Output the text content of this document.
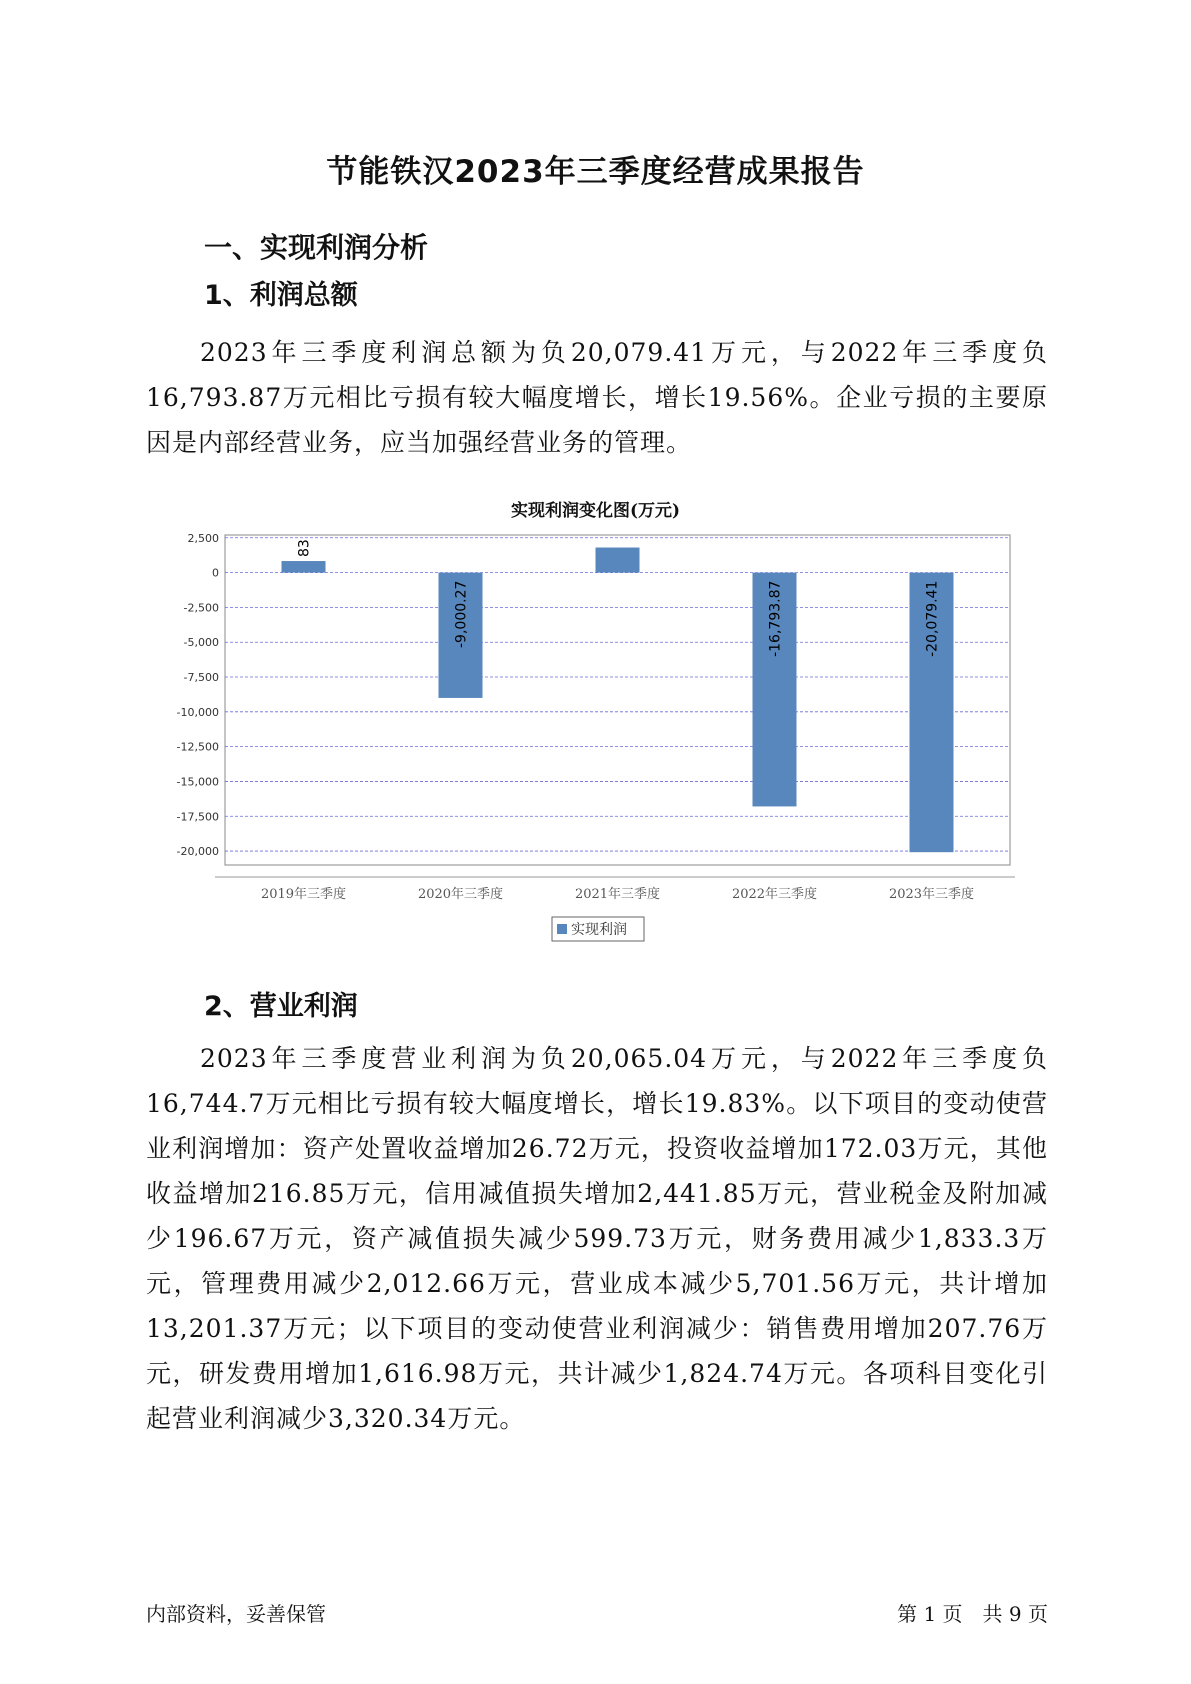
节能铁汉2023年三季度经营成果报告
一、实现利润分析
1、利润总额

2023年三季度利润总额为负20,079.41万元，与2022年三季度负16,793.87万元相比亏损有较大幅度增长，增长19.56%。企业亏损的主要原因是内部经营业务，应当加强经营业务的管理。

实现利润变化图(万元)
2,500
0
-2,500
-5,000
-7,500
-10,000
-12,500
-15,000
-17,500
-20,000
2019年三季度
83
2020年三季度
-9,000.27
2021年三季度	2022年三季度
-16,793.87
2023年三季度
-20,079.41
实现利润
2、营业利润

2023年三季度营业利润为负20,065.04万元，与2022年三季度负16,744.7万元相比亏损有较大幅度增长，增长19.83%。以下项目的变动使营业利润增加：资产处置收益增加26.72万元，投资收益增加172.03万元，其他收益增加216.85万元，信用减值损失增加2,441.85万元，营业税金及附加减少196.67万元，资产减值损失减少599.73万元，财务费用减少1,833.3万元，管理费用减少2,012.66万元，营业成本减少5,701.56万元，共计增加13,201.37万元；以下项目的变动使营业利润减少：销售费用增加207.76万元，研发费用增加1,616.98万元，共计减少1,824.74万元。各项科目变化引起营业利润减少3,320.34万元。

内部资料，妥善保管	第 1 页　共 9 页
